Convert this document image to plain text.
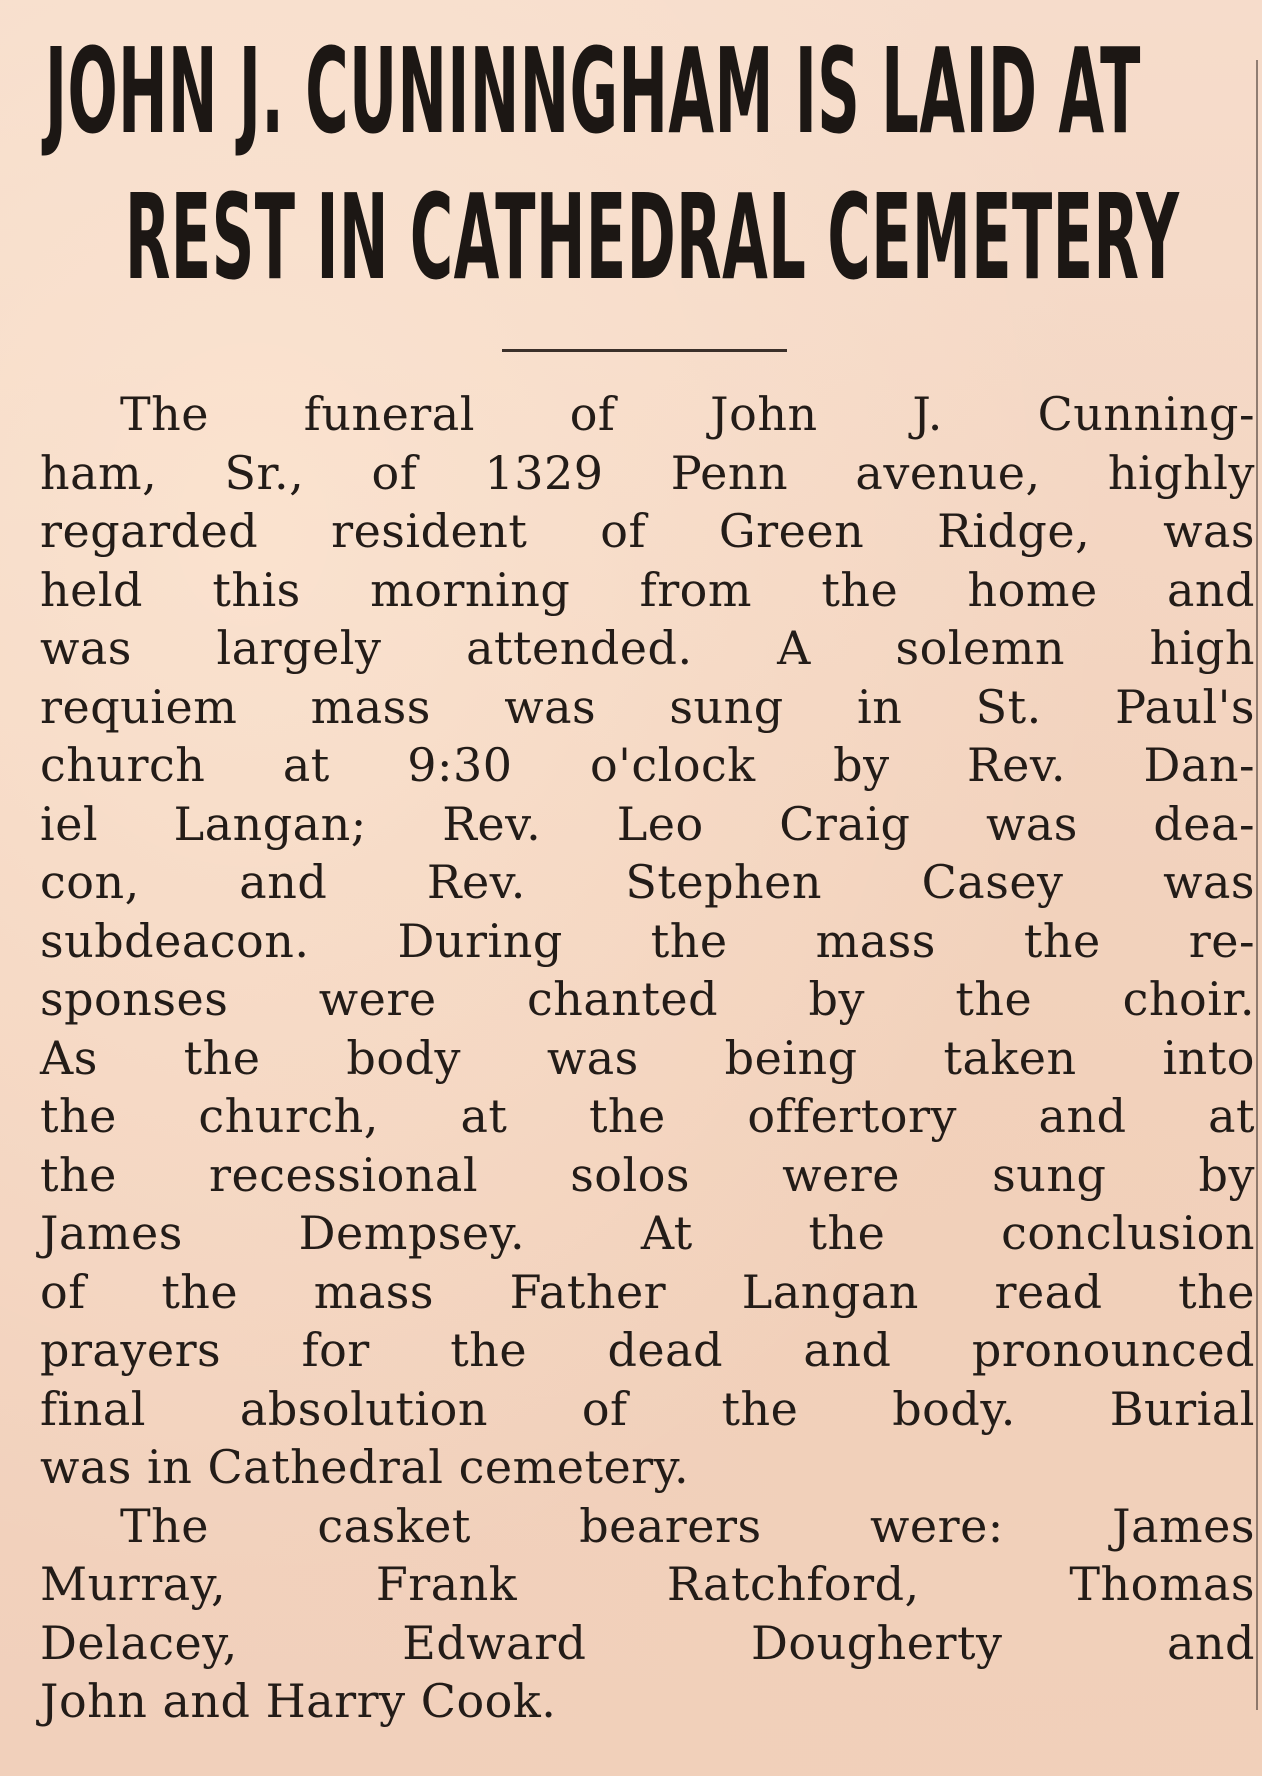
JOHN J. CUNINNGHAM IS LAID AT
REST IN CATHEDRAL CEMETERY
The funeral of John J. Cunning-
ham, Sr., of 1329 Penn avenue, highly
regarded resident of Green Ridge, was
held this morning from the home and
was largely attended. A solemn high
requiem mass was sung in St. Paul's
church at 9:30 o'clock by Rev. Dan-
iel Langan; Rev. Leo Craig was dea-
con, and Rev. Stephen Casey was
subdeacon. During the mass the re-
sponses were chanted by the choir.
As the body was being taken into
the church, at the offertory and at
the recessional solos were sung by
James Dempsey. At the conclusion
of the mass Father Langan read the
prayers for the dead and pronounced
final absolution of the body. Burial
was in Cathedral cemetery.
The casket bearers were: James
Murray, Frank Ratchford, Thomas
Delacey, Edward Dougherty and
John and Harry Cook.
